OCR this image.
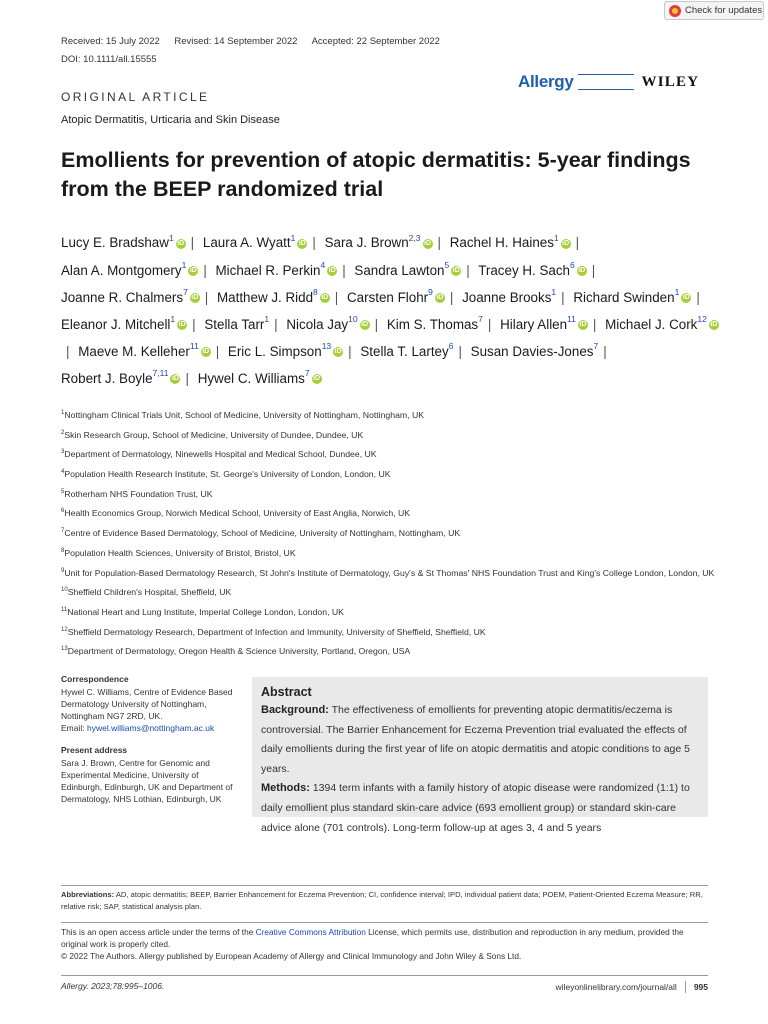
Check for updates
Received: 15 July 2022 Revised: 14 September 2022 Accepted: 22 September 2022
DOI: 10.1111/all.15555
Allergy	WILEY
ORIGINAL ARTICLE
Atopic Dermatitis, Urticaria and Skin Disease
Emollients for prevention of atopic dermatitis: 5-year findings from the BEEP randomized trial
Lucy E. Bradshaw$^1$iD | Laura A. Wyatt$^1$iD | Sara J. Brown$^{2,3}$iD | Rachel H. Haines$^1$iD | Alan A. Montgomery$^1$iD | Michael R. Perkin$^4$iD | Sandra Lawton$^5$iD | Tracey H. Sach$^6$iD | Joanne R. Chalmers$^7$iD | Matthew J. Ridd$^8$iD | Carsten Flohr$^9$iD | Joanne Brooks$^1$ | Richard Swinden$^1$iD | Eleanor J. Mitchell$^1$iD | Stella Tarr$^1$ | Nicola Jay$^{10}$iD | Kim S. Thomas$^7$ | Hilary Allen$^{11}$iD | Michael J. Cork$^{12}$iD| Maeve M. Kelleher$^{11}$iD | Eric L. Simpson$^{13}$iD | Stella T. Lartey$^6$ | Susan Davies-Jones$^7$ | Robert J. Boyle$^{7,11}$iD | Hywel C. Williams$^7$iD
$^1$Nottingham Clinical Trials Unit, School of Medicine, University of Nottingham, Nottingham, UK
$^2$Skin Research Group, School of Medicine, University of Dundee, Dundee, UK
$^3$Department of Dermatology, Ninewells Hospital and Medical School, Dundee, UK
$^4$Population Health Research Institute, St. George's University of London, London, UK
$^5$Rotherham NHS Foundation Trust, UK
$^6$Health Economics Group, Norwich Medical School, University of East Anglia, Norwich, UK
$^7$Centre of Evidence Based Dermatology, School of Medicine, University of Nottingham, Nottingham, UK
$^8$Population Health Sciences, University of Bristol, Bristol, UK
$^9$Unit for Population-Based Dermatology Research, St John's Institute of Dermatology, Guy's & St Thomas' NHS Foundation Trust and King's College London, London, UK
$^{10}$Sheffield Children's Hospital, Sheffield, UK
$^{11}$National Heart and Lung Institute, Imperial College London, London, UK
$^{12}$Sheffield Dermatology Research, Department of Infection and Immunity, University of Sheffield, Sheffield, UK
$^{13}$Department of Dermatology, Oregon Health & Science University, Portland, Oregon, USA
Correspondence
Hywel C. Williams, Centre of Evidence Based Dermatology University of Nottingham, Nottingham NG7 2RD, UK.
Email: hywel.williams@nottingham.ac.uk
Present address
Sara J. Brown, Centre for Genomic and Experimental Medicine, University of Edinburgh, Edinburgh, UK and Department of Dermatology, NHS Lothian, Edinburgh, UK
Abstract
Background: The effectiveness of emollients for preventing atopic dermatitis/eczema is controversial. The Barrier Enhancement for Eczema Prevention trial evaluated the effects of daily emollients during the first year of life on atopic dermatitis and atopic conditions to age 5 years.
Methods: 1394 term infants with a family history of atopic disease were randomized (1:1) to daily emollient plus standard skin-care advice (693 emollient group) or standard skin-care advice alone (701 controls). Long-term follow-up at ages 3, 4 and 5 years
Abbreviations: AD, atopic dermatitis; BEEP, Barrier Enhancement for Eczema Prevention; CI, confidence interval; IPD, individual patient data; POEM, Patient-Oriented Eczema Measure; RR, relative risk; SAP, statistical analysis plan.
This is an open access article under the terms of the Creative Commons Attribution License, which permits use, distribution and reproduction in any medium, provided the original work is properly cited.
© 2022 The Authors. Allergy published by European Academy of Allergy and Clinical Immunology and John Wiley & Sons Ltd.
Allergy. 2023;78:995–1006.	wileyonlinelibrary.com/journal/all 995
